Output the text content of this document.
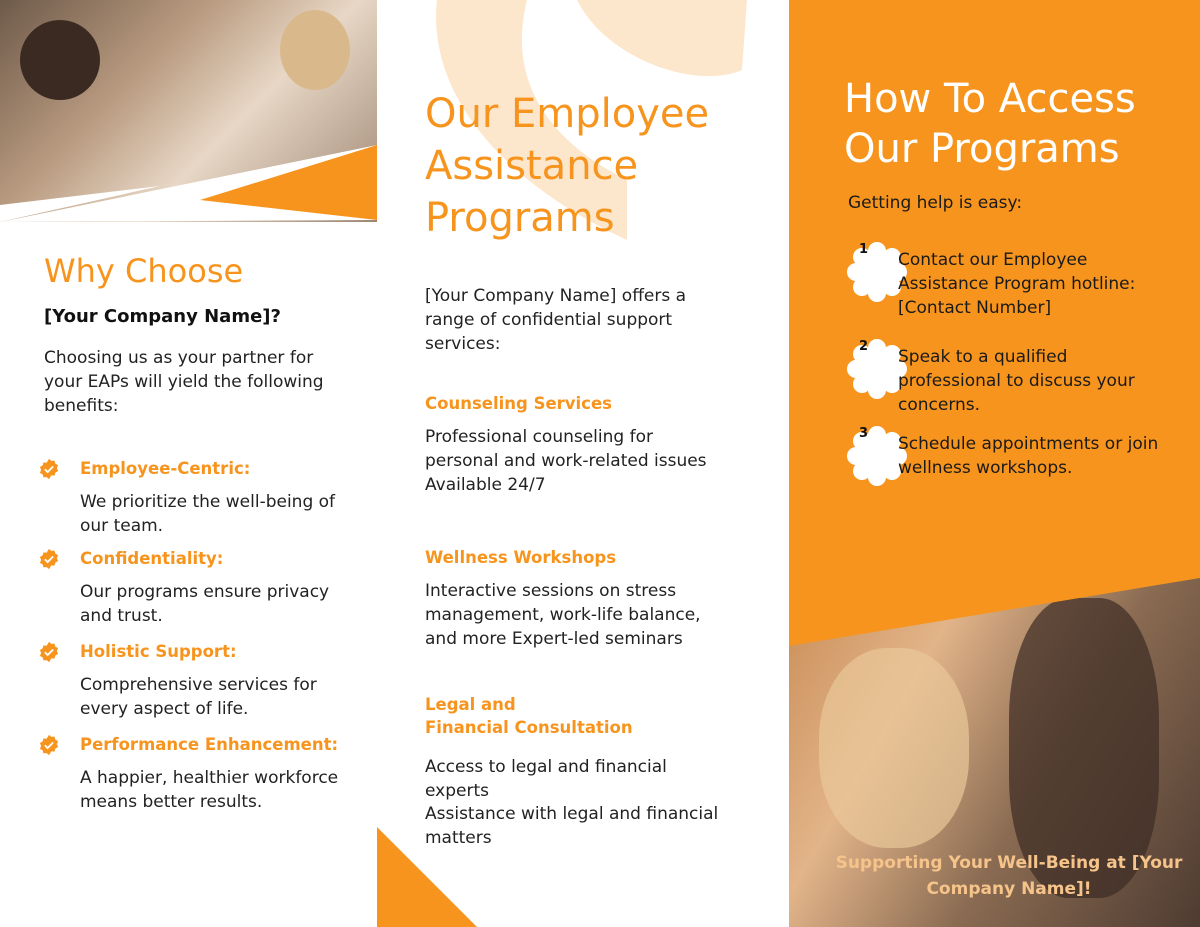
Why Choose

[Your Company Name]?

Choosing us as your partner for your EAPs will yield the following benefits:

Employee-Centric:

We prioritize the well-being of our team.

Confidentiality:

Our programs ensure privacy and trust.

Holistic Support:

Comprehensive services for every aspect of life.

Performance Enhancement:

A happier, healthier workforce means better results.

Our Employee Assistance Programs

[Your Company Name] offers a range of confidential support services:

Counseling Services

Professional counseling for personal and work-related issues Available 24/7

Wellness Workshops

Interactive sessions on stress management, work-life balance, and more Expert-led seminars

Legal and
Financial Consultation

Access to legal and financial experts

Assistance with legal and financial matters

How To Access Our Programs

Getting help is easy:

1

Contact our Employee Assistance Program hotline: [Contact Number]

2

Speak to a qualified professional to discuss your concerns.

3

Schedule appointments or join wellness workshops.

Supporting Your Well-Being at [Your Company Name]!
